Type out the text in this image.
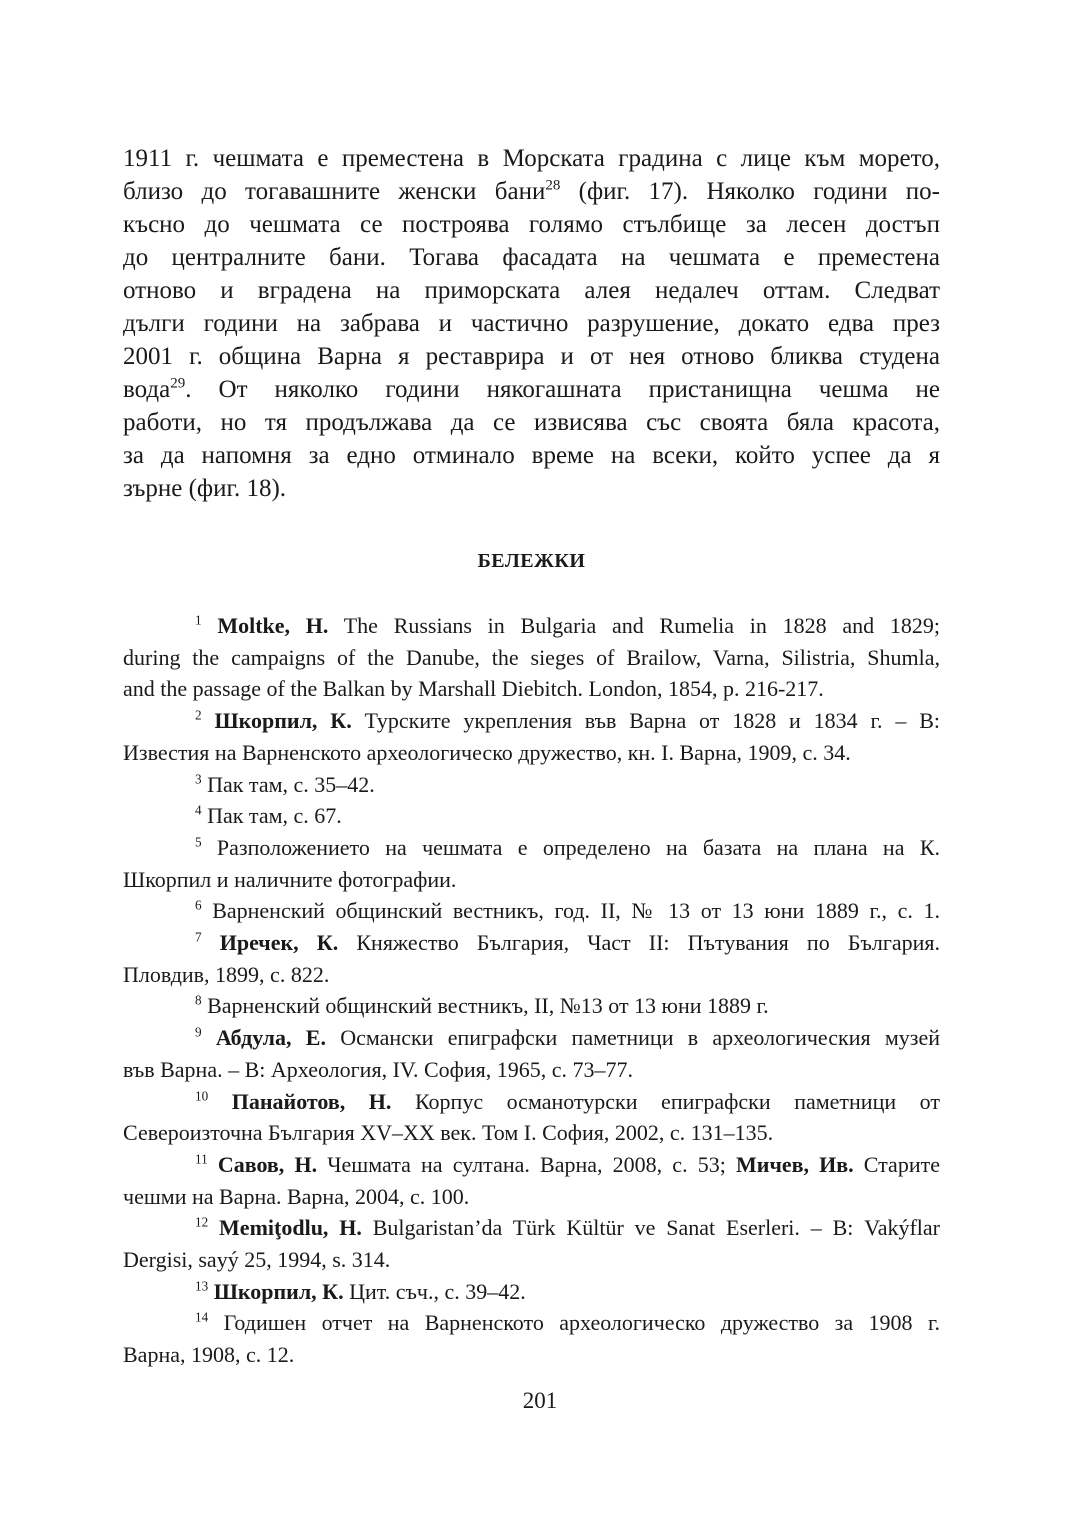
1911 г. чешмата е преместена в Морската градина с лице към морето,
близо до тогавашните женски бани$^{28}$ (фиг. 17). Няколко години по-
късно до чешмата се построява голямо стълбище за лесен достъп
до централните бани. Тогава фасадата на чешмата е преместена
отново и вградена на приморската алея недалеч оттам. Следват
дълги години на забрава и частично разрушение, докато едва през
2001 г. община Варна я реставрира и от нея отново бликва студена
вода$^{29}$. От няколко години някогашната пристанищна чешма не
работи, но тя продължава да се извисява със своята бяла красота,
за да напомня за едно отминало време на всеки, който успее да я
зърне (фиг. 18).
БЕЛЕЖКИ
$^1$ Moltke, H. The Russians in Bulgaria and Rumelia in 1828 and 1829;
during the campaigns of the Danube, the sieges of Brailow, Varna, Silistria, Shumla,
and the passage of the Balkan by Marshall Diebitch. London, 1854, p. 216-217.
$^2$ Шкорпил, К. Турските укрепления във Варна от 1828 и 1834 г. – В:
Известия на Варненското археологическо дружество, кн. I. Варна, 1909, с. 34.
$^3$ Пак там, с. 35–42.
$^4$ Пак там, с. 67.
$^5$ Разположението на чешмата е определено на базата на плана на К.
Шкорпил и наличните фотографии.
$^6$ Варненский общинский вестникъ, год. II, № 13 от 13 юни 1889 г., с. 1.
$^7$ Иречек, К. Княжество България, Част II: Пътувания по България.
Пловдив, 1899, с. 822.
$^8$ Варненский общинский вестникъ, II, №13 от 13 юни 1889 г.
$^9$ Абдула, Е. Османски епиграфски паметници в археологическия музей
във Варна. – В: Археология, IV. София, 1965, с. 73–77.
$^{10}$ Панайотов, Н. Корпус османотурски епиграфски паметници от
Североизточна България XV–XX век. Том I. София, 2002, с. 131–135.
$^{11}$ Савов, Н. Чешмата на султана. Варна, 2008, с. 53; Мичев, Ив. Старите
чешми на Варна. Варна, 2004, с. 100.
$^{12}$ Memiţodlu, H. Bulgaristan’da Türk Kültür ve Sanat Eserleri. – В: Vakýflar
Dergisi, sayý 25, 1994, s. 314.
$^{13}$ Шкорпил, К. Цит. съч., с. 39–42.
$^{14}$ Годишен отчет на Варненското археологическо дружество за 1908 г.
Варна, 1908, с. 12.
201
